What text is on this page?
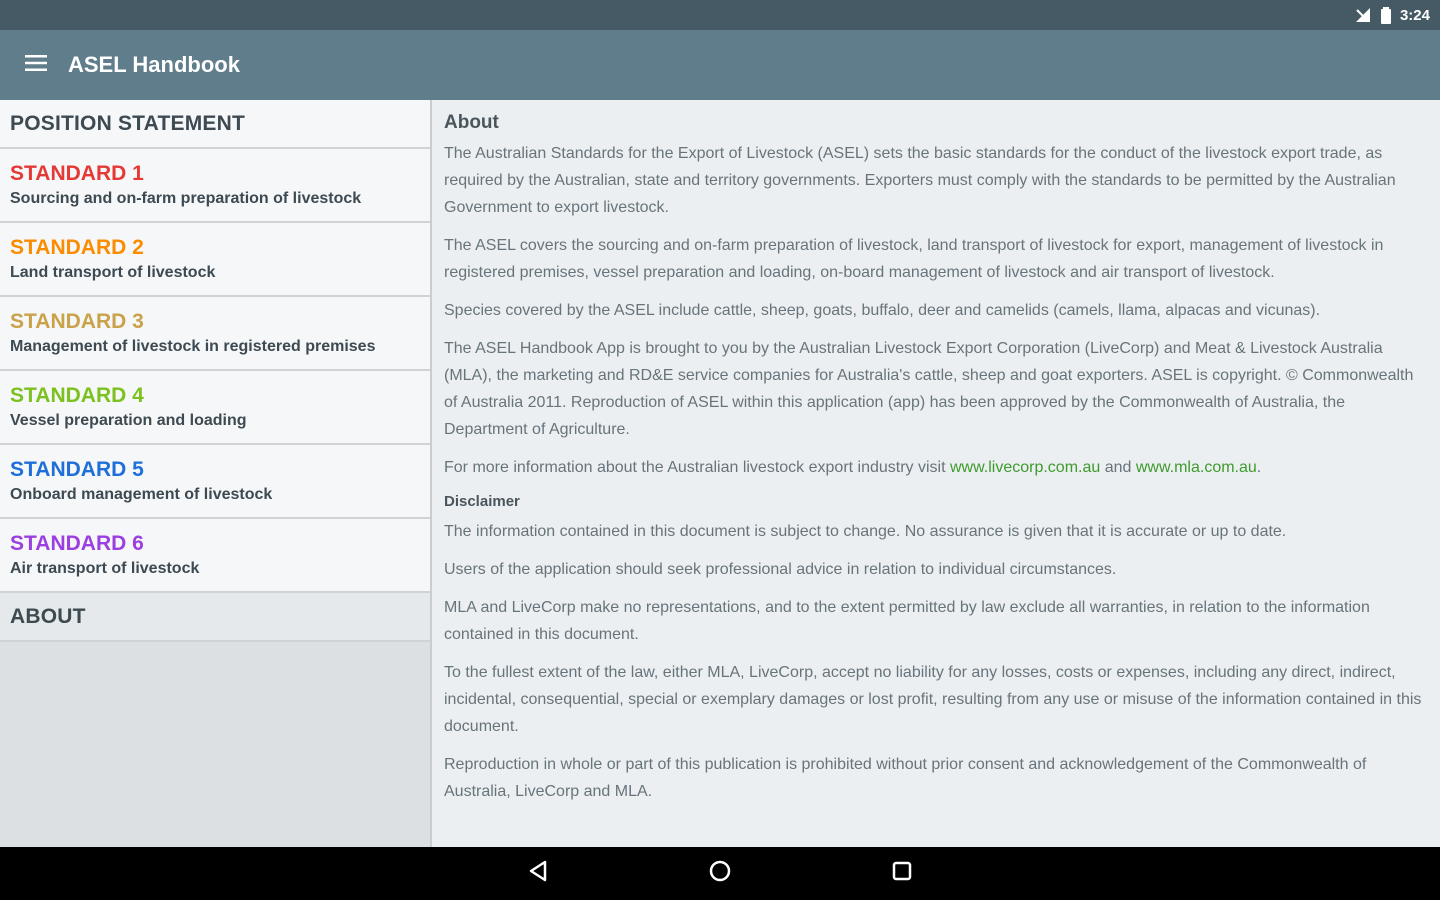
3:24
ASEL Handbook
POSITION STATEMENT
STANDARD 1
Sourcing and on-farm preparation of livestock
STANDARD 2
Land transport of livestock
STANDARD 3
Management of livestock in registered premises
STANDARD 4
Vessel preparation and loading
STANDARD 5
Onboard management of livestock
STANDARD 6
Air transport of livestock
ABOUT
About

The Australian Standards for the Export of Livestock (ASEL) sets the basic standards for the conduct of the livestock export trade, as required by the Australian, state and territory governments. Exporters must comply with the standards to be permitted by the Australian Government to export livestock.

The ASEL covers the sourcing and on-farm preparation of livestock, land transport of livestock for export, management of livestock in registered premises, vessel preparation and loading, on-board management of livestock and air transport of livestock.

Species covered by the ASEL include cattle, sheep, goats, buffalo, deer and camelids (camels, llama, alpacas and vicunas).

The ASEL Handbook App is brought to you by the Australian Livestock Export Corporation (LiveCorp) and Meat & Livestock Australia (MLA), the marketing and RD&E service companies for Australia's cattle, sheep and goat exporters. ASEL is copyright. © Commonwealth of Australia 2011. Reproduction of ASEL within this application (app) has been approved by the Commonwealth of Australia, the Department of Agriculture.

For more information about the Australian livestock export industry visit www.livecorp.com.au and www.mla.com.au.

Disclaimer

The information contained in this document is subject to change. No assurance is given that it is accurate or up to date.

Users of the application should seek professional advice in relation to individual circumstances.

MLA and LiveCorp make no representations, and to the extent permitted by law exclude all warranties, in relation to the information contained in this document.

To the fullest extent of the law, either MLA, LiveCorp, accept no liability for any losses, costs or expenses, including any direct, indirect, incidental, consequential, special or exemplary damages or lost profit, resulting from any use or misuse of the information contained in this document.

Reproduction in whole or part of this publication is prohibited without prior consent and acknowledgement of the Commonwealth of Australia, LiveCorp and MLA.
